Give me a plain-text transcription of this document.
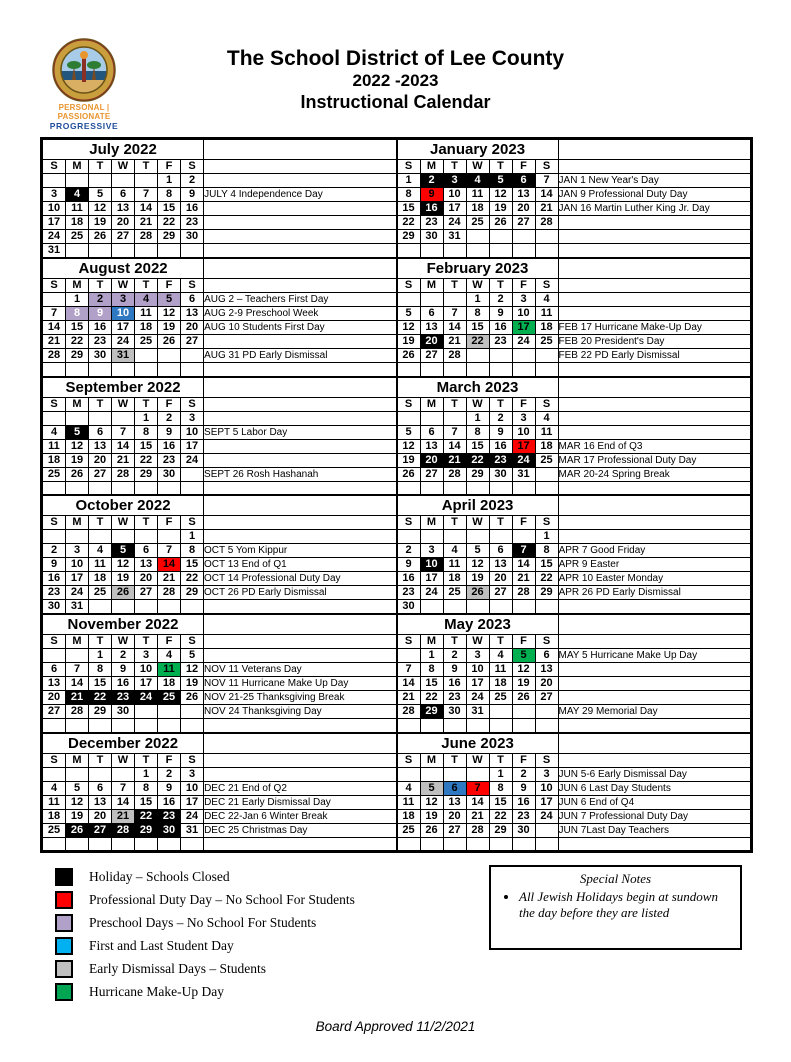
PERSONAL | PASSIONATE
PROGRESSIVE
The School District of Lee County
2022 -2023
Instructional Calendar
July 2022							
S	M	T	W	T	F	S	
					1	2	
3	4	5	6	7	8	9	JULY 4 Independence Day
10	11	12	13	14	15	16	
17	18	19	20	21	22	23	
24	25	26	27	28	29	30	
31							
January 2023							
S	M	T	W	T	F	S	
1	2	3	4	5	6	7	JAN 1 New Year's Day
8	9	10	11	12	13	14	JAN 9 Professional Duty Day
15	16	17	18	19	20	21	JAN 16 Martin Luther King Jr. Day
22	23	24	25	26	27	28	
29	30	31					

August 2022							
S	M	T	W	T	F	S	
	1	2	3	4	5	6	AUG 2 – Teachers First Day
7	8	9	10	11	12	13	AUG 2-9 Preschool Week
14	15	16	17	18	19	20	AUG 10 Students First Day
21	22	23	24	25	26	27	
28	29	30	31				AUG 31 PD Early Dismissal

February 2023							
S	M	T	W	T	F	S	
			1	2	3	4	
5	6	7	8	9	10	11	
12	13	14	15	16	17	18	FEB 17 Hurricane Make-Up Day
19	20	21	22	23	24	25	FEB 20 President's Day
26	27	28					FEB 22 PD Early Dismissal

September 2022							
S	M	T	W	T	F	S	
				1	2	3	
4	5	6	7	8	9	10	SEPT 5 Labor Day
11	12	13	14	15	16	17	
18	19	20	21	22	23	24	
25	26	27	28	29	30		SEPT 26 Rosh Hashanah

March 2023							
S	M	T	W	T	F	S	
			1	2	3	4	
5	6	7	8	9	10	11	
12	13	14	15	16	17	18	MAR 16 End of Q3
19	20	21	22	23	24	25	MAR 17 Professional Duty Day
26	27	28	29	30	31		MAR 20-24 Spring Break

October 2022							
S	M	T	W	T	F	S	
						1	
2	3	4	5	6	7	8	OCT 5 Yom Kippur
9	10	11	12	13	14	15	OCT 13 End of Q1
16	17	18	19	20	21	22	OCT 14 Professional Duty Day
23	24	25	26	27	28	29	OCT 26 PD Early Dismissal
30	31						
April 2023							
S	M	T	W	T	F	S	
						1	
2	3	4	5	6	7	8	APR 7 Good Friday
9	10	11	12	13	14	15	APR 9 Easter
16	17	18	19	20	21	22	APR 10 Easter Monday
23	24	25	26	27	28	29	APR 26 PD Early Dismissal
30							
November 2022							
S	M	T	W	T	F	S	
		1	2	3	4	5	
6	7	8	9	10	11	12	NOV 11 Veterans Day
13	14	15	16	17	18	19	NOV 11 Hurricane Make Up Day
20	21	22	23	24	25	26	NOV 21-25 Thanksgiving Break
27	28	29	30				NOV 24 Thanksgiving Day

May 2023							
S	M	T	W	T	F	S	
	1	2	3	4	5	6	MAY 5 Hurricane Make Up Day
7	8	9	10	11	12	13	
14	15	16	17	18	19	20	
21	22	23	24	25	26	27	
28	29	30	31				MAY 29 Memorial Day

December 2022							
S	M	T	W	T	F	S	
				1	2	3	
4	5	6	7	8	9	10	DEC 21 End of Q2
11	12	13	14	15	16	17	DEC 21 Early Dismissal Day
18	19	20	21	22	23	24	DEC 22-Jan 6 Winter Break
25	26	27	28	29	30	31	DEC 25 Christmas Day

June 2023							
S	M	T	W	T	F	S	
				1	2	3	JUN 5-6 Early Dismissal Day
4	5	6	7	8	9	10	JUN 6 Last Day Students
11	12	13	14	15	16	17	JUN 6 End of Q4
18	19	20	21	22	23	24	JUN 7 Professional Duty Day
25	26	27	28	29	30		JUN 7Last Day Teachers

Holiday – Schools Closed
Professional Duty Day – No School For Students
Preschool Days – No School For Students
First and Last Student Day
Early Dismissal Days – Students
Hurricane Make-Up Day
Special Notes
• All Jewish Holidays begin at sundown the day before they are listed
Board Approved 11/2/2021
